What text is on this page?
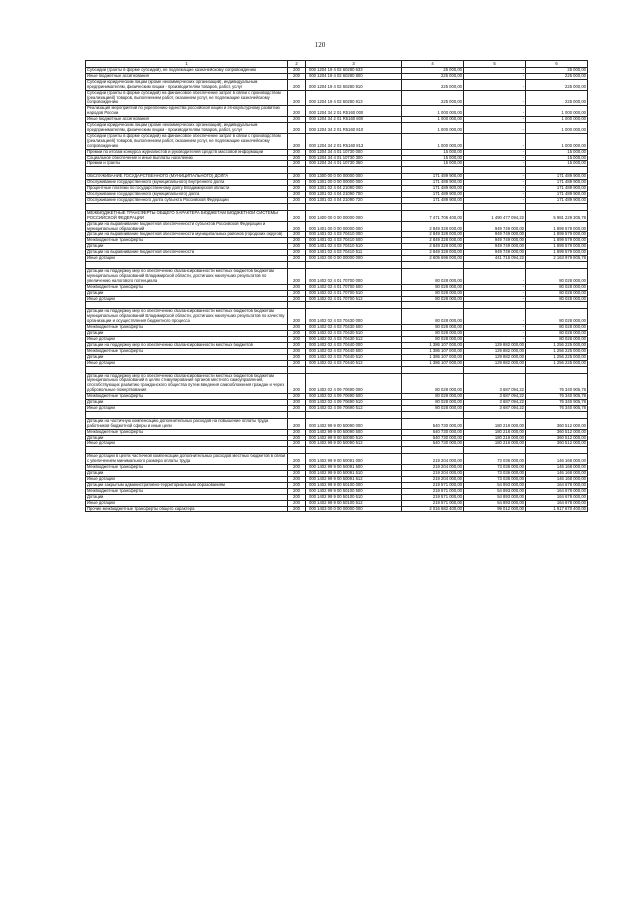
120
1	2	3	4	5	6
Субсидии (гранты в форме субсидий), не подлежащие казначейскому сопровождению	200	000 1204 19 4 02 60280 633	25 000,00	-	25 000,00
Иные бюджетные ассигнования	200	000 1204 19 4 02 60280 800	225 000,00	-	225 000,00
Субсидии юридическим лицам (кроме некоммерческих организаций), индивидуальным предпринимателям, физическим лицам - производителям товаров, работ, услуг	200	000 1204 19 4 02 60280 810	225 000,00	-	225 000,00
Субсидии (гранты в форме субсидий) на финансовое обеспечение затрат в связи с производством (реализацией) товаров, выполнением работ, оказанием услуг, не подлежащие казначейскому сопровождению	200	000 1204 19 4 02 60280 813	225 000,00	-	225 000,00
Реализация мероприятий по укреплению единства российской нации и этнокультурному развитию народов России	200	000 1204 34 2 01 R5160 000	1 000 000,00	-	1 000 000,00
Иные бюджетные ассигнования	200	000 1204 34 2 01 R5160 800	1 000 000,00	-	1 000 000,00
Субсидии юридическим лицам (кроме некоммерческих организаций), индивидуальным предпринимателям, физическим лицам - производителям товаров, работ, услуг	200	000 1204 34 2 01 R5160 810	1 000 000,00	-	1 000 000,00
Субсидии (гранты в форме субсидий) на финансовое обеспечение затрат в связи с производством (реализацией) товаров, выполнением работ, оказанием услуг, не подлежащие казначейскому сопровождению	200	000 1204 34 2 01 R5160 813	1 000 000,00	-	1 000 000,00
Премии по итогам конкурса журналистов и руководителей средств массовой информации	200	000 1204 34 4 01 10730 000	15 000,00	-	15 000,00
Социальное обеспечение и иные выплаты населению	200	000 1204 34 4 01 10730 300	15 000,00	-	15 000,00
Премии и гранты	200	000 1204 34 4 01 10730 350	15 000,00	-	15 000,00

ОБСЛУЖИВАНИЕ ГОСУДАРСТВЕННОГО (МУНИЦИПАЛЬНОГО) ДОЛГА	200	000 1300 00 0 00 00000 000	171 489 900,00	-	171 489 900,00
Обслуживание государственного (муниципального) внутреннего долга	200	000 1301 00 0 00 00000 000	171 489 900,00	-	171 489 900,00
Процентные платежи по государственному долгу Владимирской области	200	000 1301 02 4 04 21090 000	171 489 900,00	-	171 489 900,00
Обслуживание государственного (муниципального) долга	200	000 1301 02 4 04 21090 700	171 489 900,00	-	171 489 900,00
Обслуживание государственного долга субъекта Российской Федерации	200	000 1301 02 4 04 21090 720	171 489 900,00	-	171 489 900,00

МЕЖБЮДЖЕТНЫЕ ТРАНСФЕРТЫ ОБЩЕГО ХАРАКТЕРА БЮДЖЕТАМ БЮДЖЕТНОЙ СИСТЕМЫ РОССИЙСКОЙ ФЕДЕРАЦИИ	200	000 1400 00 0 00 00000 000	7 471 706 400,00	1 490 477 094,22	5 981 229 305,78
Дотации на выравнивание бюджетной обеспеченности субъектов Российской Федерации и муниципальных образований	200	000 1401 00 0 00 00000 000	2 849 328 000,00	949 749 000,00	1 899 579 000,00
Дотации на выравнивание бюджетной обеспеченности муниципальных районов (городских округов)	200	000 1401 02 4 03 70410 000	2 849 328 000,00	949 749 000,00	1 899 579 000,00
Межбюджетные трансферты	200	000 1401 02 4 03 70410 500	2 849 328 000,00	949 749 000,00	1 899 579 000,00
Дотации	200	000 1401 02 4 03 70410 510	2 849 328 000,00	949 749 000,00	1 899 579 000,00
Дотации на выравнивание бюджетной обеспеченности	200	000 1401 02 4 03 70410 511	2 849 328 000,00	949 749 000,00	1 899 579 000,00
Иные дотации	200	000 1402 00 0 00 00000 000	2 605 696 000,00	441 716 094,22	2 163 979 905,78

Дотации на поддержку мер по обеспечению сбалансированности местных бюджетов бюджетам муниципальных образований Владимирской области, достигших наилучших результатов по увеличению налогового потенциала	200	000 1402 02 4 01 70700 000	80 028 000,00	-	80 028 000,00
Межбюджетные трансферты	200	000 1402 02 4 01 70700 500	80 028 000,00	-	80 028 000,00
Дотации	200	000 1402 02 4 01 70700 510	80 028 000,00	-	80 028 000,00
Иные дотации	200	000 1402 02 4 01 70700 512	80 028 000,00	-	80 028 000,00

Дотации на поддержку мер по обеспечению сбалансированности местных бюджетов бюджетам муниципальных образований Владимирской области, достигших наилучших результатов по качеству организации и осуществления бюджетного процесса	200	000 1402 02 4 03 70430 000	80 028 000,00	-	80 028 000,00
Межбюджетные трансферты	200	000 1402 02 4 03 70430 500	80 028 000,00	-	80 028 000,00
Дотации	200	000 1402 02 4 03 70430 510	80 028 000,00	-	80 028 000,00
Иные дотации	200	000 1402 02 4 03 70430 512	80 028 000,00	-	80 028 000,00
Дотации на поддержку мер по обеспечению сбалансированности местных бюджетов	200	000 1402 02 4 03 70440 000	1 386 107 000,00	129 882 000,00	1 256 225 000,00
Межбюджетные трансферты	200	000 1402 02 4 03 70440 500	1 386 107 000,00	129 882 000,00	1 256 225 000,00
Дотации	200	000 1402 02 4 03 70440 510	1 386 107 000,00	129 882 000,00	1 256 225 000,00
Иные дотации	200	000 1402 02 4 03 70440 512	1 386 107 000,00	129 882 000,00	1 256 225 000,00

Дотации на поддержку мер по обеспечению сбалансированности местных бюджетов бюджетам муниципальных образований в целях стимулирования органов местного самоуправления, способствующих развитию гражданского общества путем введения самообложения граждан и через добровольные пожертвования	200	000 1402 02 4 09 70690 000	80 028 000,00	3 687 094,22	76 340 905,78
Межбюджетные трансферты	200	000 1402 02 4 09 70690 500	80 028 000,00	3 687 094,22	76 340 905,78
Дотации	200	000 1402 02 4 09 70690 510	80 028 000,00	3 687 094,22	76 340 905,78
Иные дотации	200	000 1402 02 4 09 70690 512	80 028 000,00	3 687 094,22	76 340 905,78

Дотации на частичную компенсацию дополнительных расходов на повышение оплаты труда работников бюджетной сферы и иные цели	200	000 1402 99 9 00 50090 000	540 730 000,00	180 218 000,00	360 512 000,00
Межбюджетные трансферты	200	000 1402 99 9 00 50090 500	540 730 000,00	180 218 000,00	360 512 000,00
Дотации	200	000 1402 99 9 00 50090 510	540 730 000,00	180 218 000,00	360 512 000,00
Иные дотации	200	000 1402 99 9 00 50090 512	540 730 000,00	180 218 000,00	360 512 000,00

Иные дотации в целях частичной компенсации дополнительных расходов местных бюджетов в связи с увеличением минимального размера оплаты труда	200	000 1402 99 9 00 50091 000	219 204 000,00	73 036 000,00	146 168 000,00
Межбюджетные трансферты	200	000 1402 99 9 00 50091 500	219 204 000,00	73 036 000,00	146 168 000,00
Дотации	200	000 1402 99 9 00 50091 510	219 204 000,00	73 036 000,00	146 168 000,00
Иные дотации	200	000 1402 99 9 00 50091 512	219 204 000,00	73 036 000,00	146 168 000,00
Дотации закрытым административно-территориальным образованиям	200	000 1402 99 9 00 50100 000	219 571 000,00	54 893 000,00	164 678 000,00
Межбюджетные трансферты	200	000 1402 99 9 00 50100 500	219 571 000,00	54 893 000,00	164 678 000,00
Дотации	200	000 1402 99 9 00 50100 510	219 571 000,00	54 893 000,00	164 678 000,00
Иные дотации	200	000 1402 99 9 00 50100 512	219 571 000,00	54 893 000,00	164 678 000,00
Прочие межбюджетные трансферты общего характера	200	000 1403 00 0 00 00000 000	2 016 682 400,00	99 012 000,00	1 917 670 400,00
